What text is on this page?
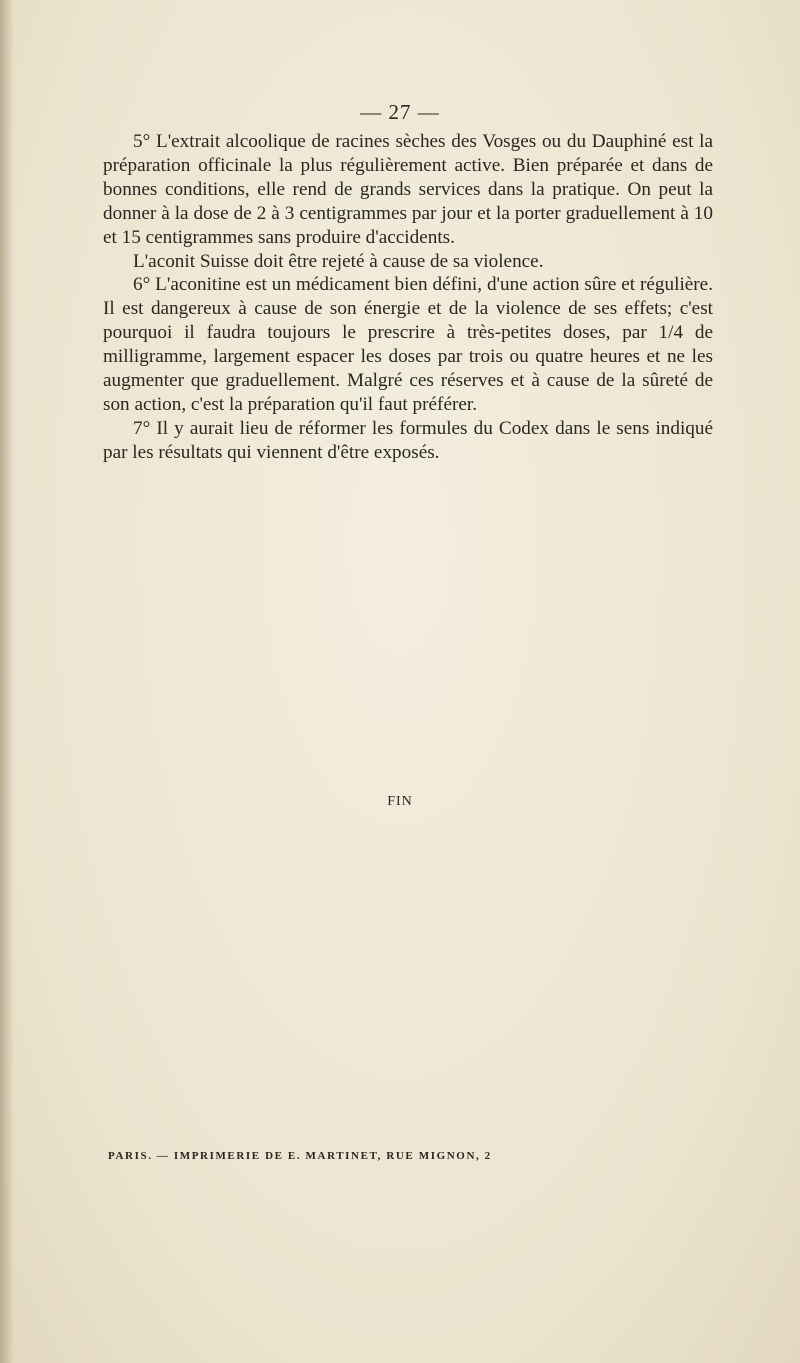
— 27 —

5° L'extrait alcoolique de racines sèches des Vosges ou du Dauphiné est la préparation officinale la plus régulièrement active. Bien préparée et dans de bonnes conditions, elle rend de grands services dans la pratique. On peut la donner à la dose de 2 à 3 centigrammes par jour et la porter graduellement à 10 et 15 centigrammes sans produire d'accidents.

L'aconit Suisse doit être rejeté à cause de sa violence.

6° L'aconitine est un médicament bien défini, d'une action sûre et régulière. Il est dangereux à cause de son énergie et de la violence de ses effets; c'est pourquoi il faudra toujours le prescrire à très-petites doses, par 1/4 de milligramme, largement espacer les doses par trois ou quatre heures et ne les augmenter que graduellement. Malgré ces réserves et à cause de la sûreté de son action, c'est la préparation qu'il faut préférer.

7° Il y aurait lieu de réformer les formules du Codex dans le sens indiqué par les résultats qui viennent d'être exposés.

FIN
PARIS. — IMPRIMERIE DE E. MARTINET, RUE MIGNON, 2
